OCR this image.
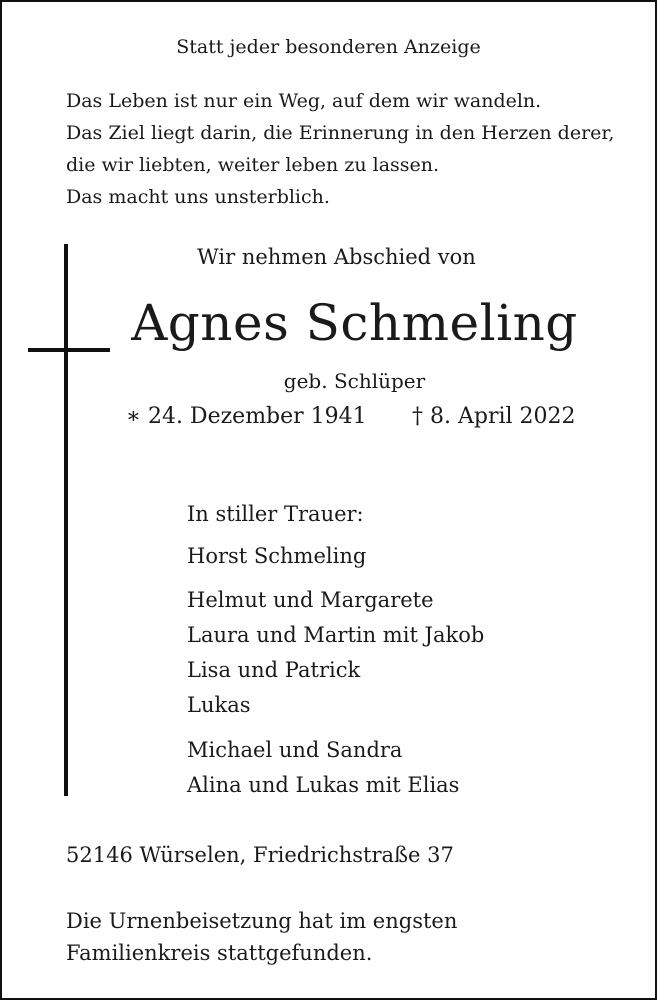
Statt jeder besonderen Anzeige
Das Leben ist nur ein Weg, auf dem wir wandeln.
Das Ziel liegt darin, die Erinnerung in den Herzen derer,
die wir liebten, weiter leben zu lassen.
Das macht uns unsterblich.
Wir nehmen Abschied von
Agnes Schmeling
geb. Schlüper
∗ 24. Dezember 1941 † 8. April 2022
In stiller Trauer:
Horst Schmeling
Helmut und Margarete
Laura und Martin mit Jakob
Lisa und Patrick
Lukas
Michael und Sandra
Alina und Lukas mit Elias
52146 Würselen, Friedrichstraße 37
Die Urnenbeisetzung hat im engsten
Familienkreis stattgefunden.
